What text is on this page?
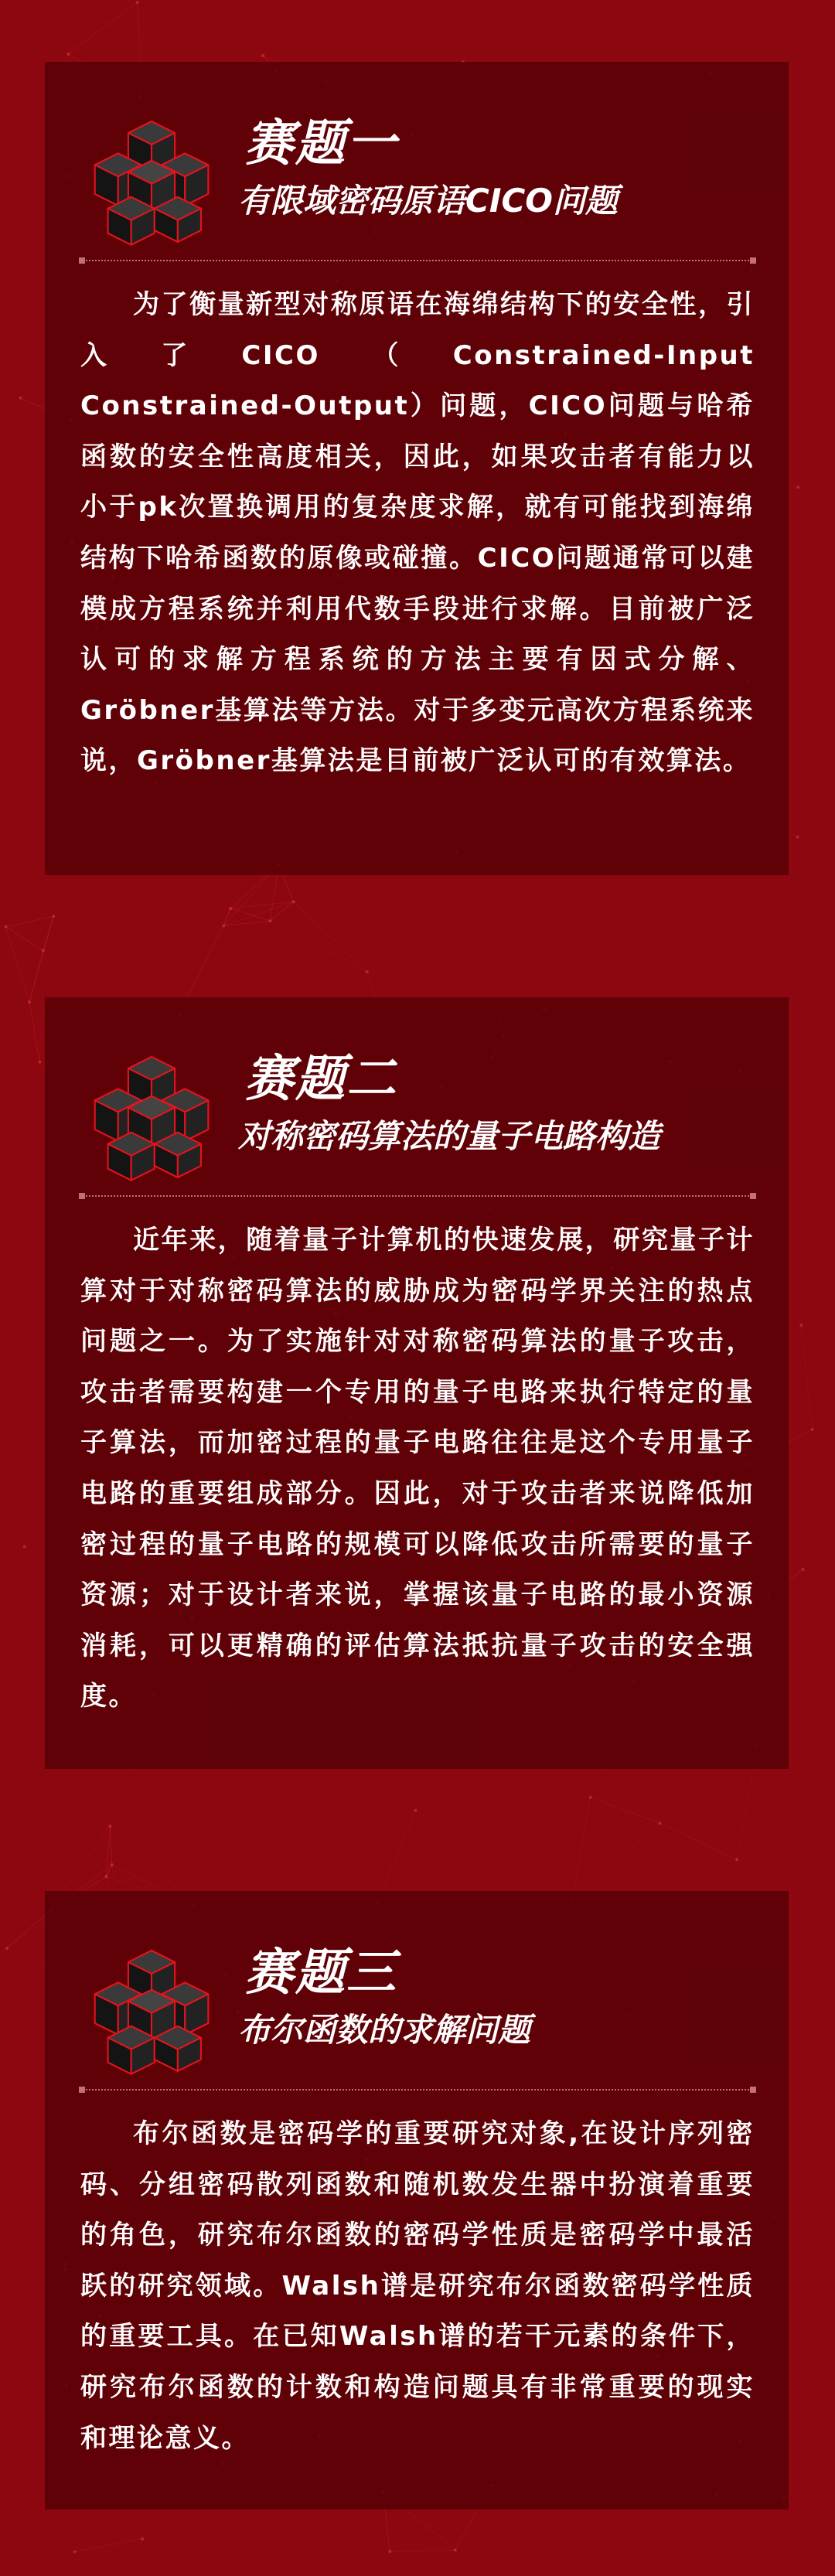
赛题一
有限域密码原语CICO问题

为了衡量新型对称原语在海绵结构下的安全性，引入了CICO（Constrained-Input Constrained-Output）问题，CICO问题与哈希函数的安全性高度相关，因此，如果攻击者有能力以小于pk次置换调用的复杂度求解，就有可能找到海绵结构下哈希函数的原像或碰撞。CICO问题通常可以建模成方程系统并利用代数手段进行求解。目前被广泛认可的求解方程系统的方法主要有因式分解、Gröbner基算法等方法。对于多变元高次方程系统来说，Gröbner基算法是目前被广泛认可的有效算法。

赛题二
对称密码算法的量子电路构造

近年来，随着量子计算机的快速发展，研究量子计算对于对称密码算法的威胁成为密码学界关注的热点问题之一。为了实施针对对称密码算法的量子攻击，攻击者需要构建一个专用的量子电路来执行特定的量子算法，而加密过程的量子电路往往是这个专用量子电路的重要组成部分。因此，对于攻击者来说降低加密过程的量子电路的规模可以降低攻击所需要的量子资源；对于设计者来说，掌握该量子电路的最小资源消耗，可以更精确的评估算法抵抗量子攻击的安全强度。

赛题三
布尔函数的求解问题

布尔函数是密码学的重要研究对象,在设计序列密码、分组密码散列函数和随机数发生器中扮演着重要的角色，研究布尔函数的密码学性质是密码学中最活跃的研究领域。Walsh谱是研究布尔函数密码学性质的重要工具。在已知Walsh谱的若干元素的条件下，研究布尔函数的计数和构造问题具有非常重要的现实和理论意义。
